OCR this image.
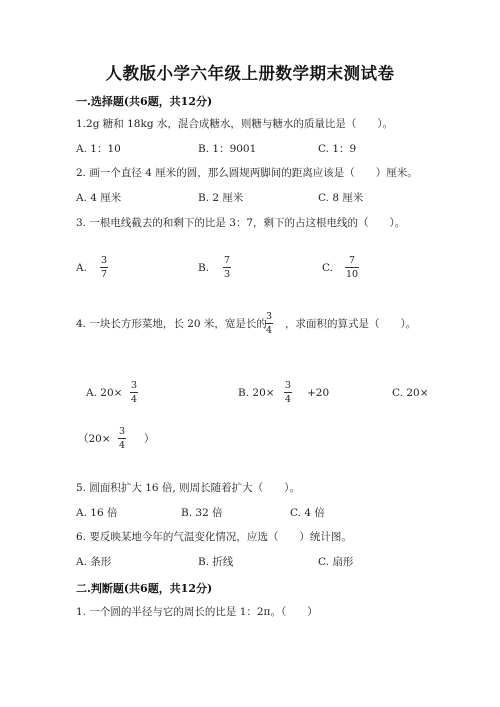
人教版小学六年级上册数学期末测试卷
一.选择题(共6题，共12分)
1.2g 糖和 18kg 水，混合成糖水，则糖与糖水的质量比是（　　）。
A. 1：10	B. 1：9001	C. 1：9
2. 画一个直径 4 厘米的圆，那么圆规两脚间的距离应该是（　　）厘米。
A. 4 厘米	B. 2 厘米	C. 8 厘米
3. 一根电线截去的和剩下的比是 3：7，剩下的占这根电线的（　　）。
A.
3
7
B.
7
3
C.
7
10
4. 一块长方形菜地，长 20 米，宽是长的
3
4
，求面积的算式是（　　）。
A. 20×
3
4
B. 20×
3
4
+20	C. 20×
（20×
3
4
）
5. 圆面积扩大 16 倍, 则周长随着扩大（　　）。
A. 16 倍	B. 32 倍	C. 4 倍
6. 要反映某地今年的气温变化情况，应选（　　）统计图。
A. 条形	B. 折线	C. 扇形
二.判断题(共6题，共12分)
1. 一个圆的半径与它的周长的比是 1：2π。（　　）
